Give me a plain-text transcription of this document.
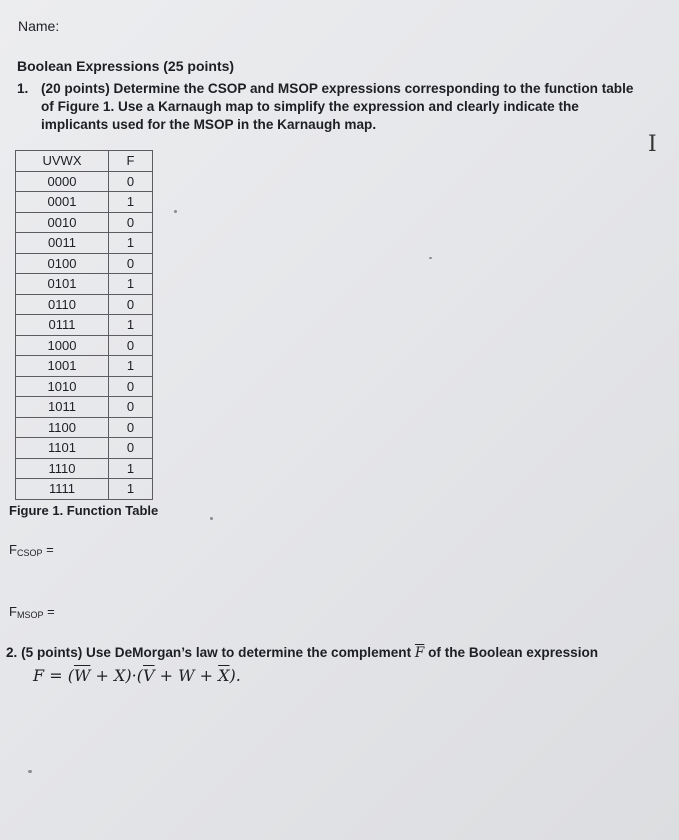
Name:
Boolean Expressions (25 points)
1. (20 points) Determine the CSOP and MSOP expressions corresponding to the function table of Figure 1. Use a Karnaugh map to simplify the expression and clearly indicate the implicants used for the MSOP in the Karnaugh map.
UVWX	F
0000	0
0001	1
0010	0
0011	1
0100	0
0101	1
0110	0
0111	1
1000	0
1001	1
1010	0
1011	0
1100	0
1101	0
1110	1
1111	1
Figure 1. Function Table
$F_{CSOP}$ =
$F_{MSOP}$ =
2. (5 points) Use DeMorgan’s law to determine the complement $\overline{F}$ of the Boolean expression
$F = (\overline{W} + X)\cdot(\overline{V} + W + \overline{X})$.
I
